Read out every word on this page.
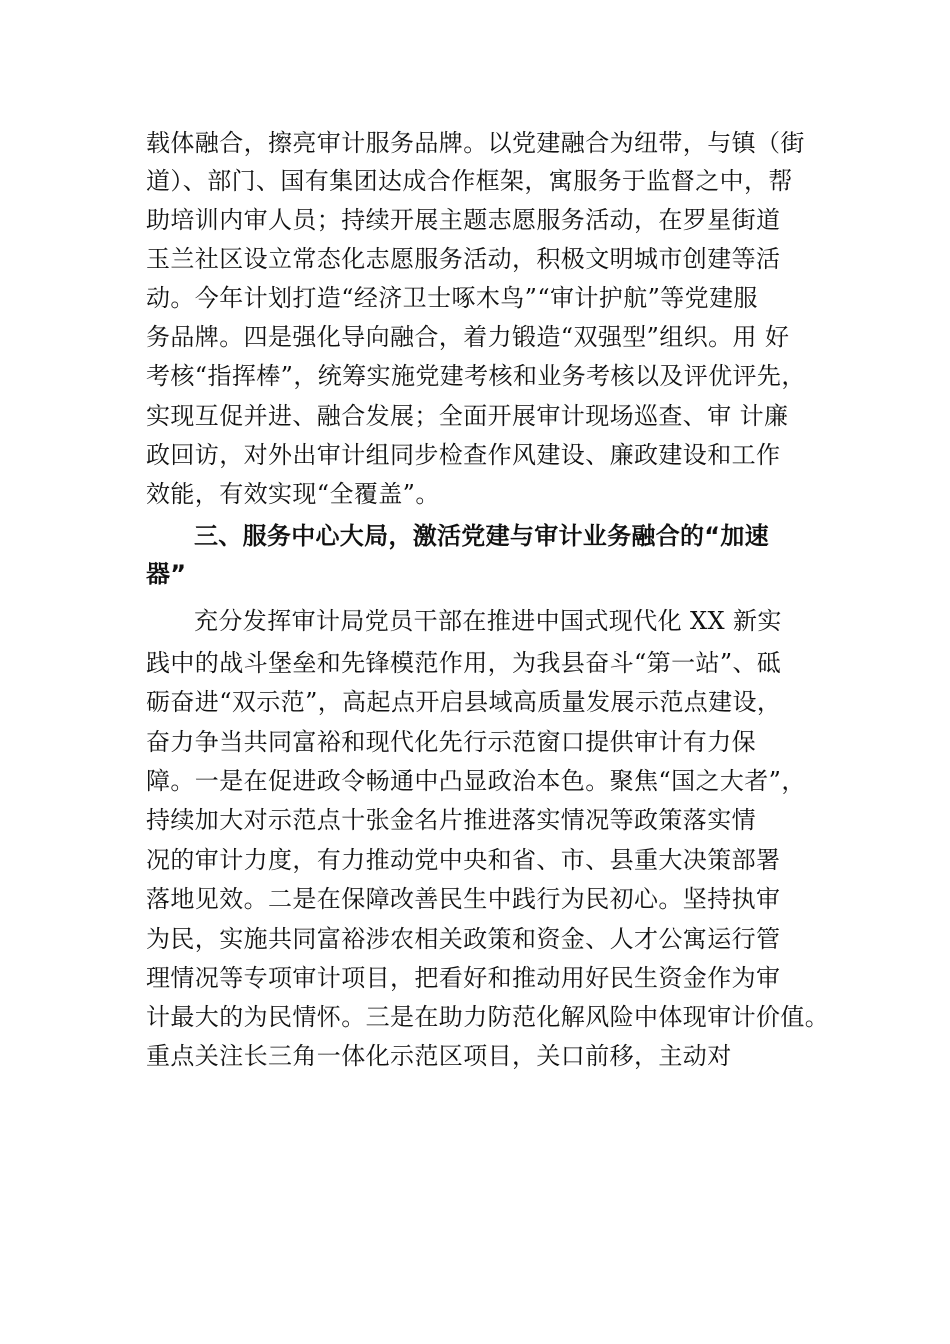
载体融合，擦亮审计服务品牌。以党建融合为纽带，与镇（街
道）、部门、国有集团达成合作框架，寓服务于监督之中，帮
助培训内审人员；持续开展主题志愿服务活动，在罗星街道
玉兰社区设立常态化志愿服务活动，积极文明城市创建等活
动。今年计划打造“经济卫士啄木鸟”“审计护航”等党建服
务品牌。四是强化导向融合，着力锻造“双强型”组织。用 好
考核“指挥棒”，统筹实施党建考核和业务考核以及评优评先，
实现互促并进、融合发展；全面开展审计现场巡查、审 计廉
政回访，对外出审计组同步检查作风建设、廉政建设和工作
效能，有效实现“全覆盖”。
三、服务中心大局，激活党建与审计业务融合的“加速
器”
充分发挥审计局党员干部在推进中国式现代化 XX 新实
践中的战斗堡垒和先锋模范作用，为我县奋斗“第一站”、砥
砺奋进“双示范”，高起点开启县域高质量发展示范点建设，
奋力争当共同富裕和现代化先行示范窗口提供审计有力保
障。一是在促进政令畅通中凸显政治本色。聚焦“国之大者”，
持续加大对示范点十张金名片推进落实情况等政策落实情
况的审计力度，有力推动党中央和省、市、县重大决策部署
落地见效。二是在保障改善民生中践行为民初心。坚持执审
为民，实施共同富裕涉农相关政策和资金、人才公寓运行管
理情况等专项审计项目，把看好和推动用好民生资金作为审
计最大的为民情怀。三是在助力防范化解风险中体现审计价值。
重点关注长三角一体化示范区项目，关口前移，主动对
